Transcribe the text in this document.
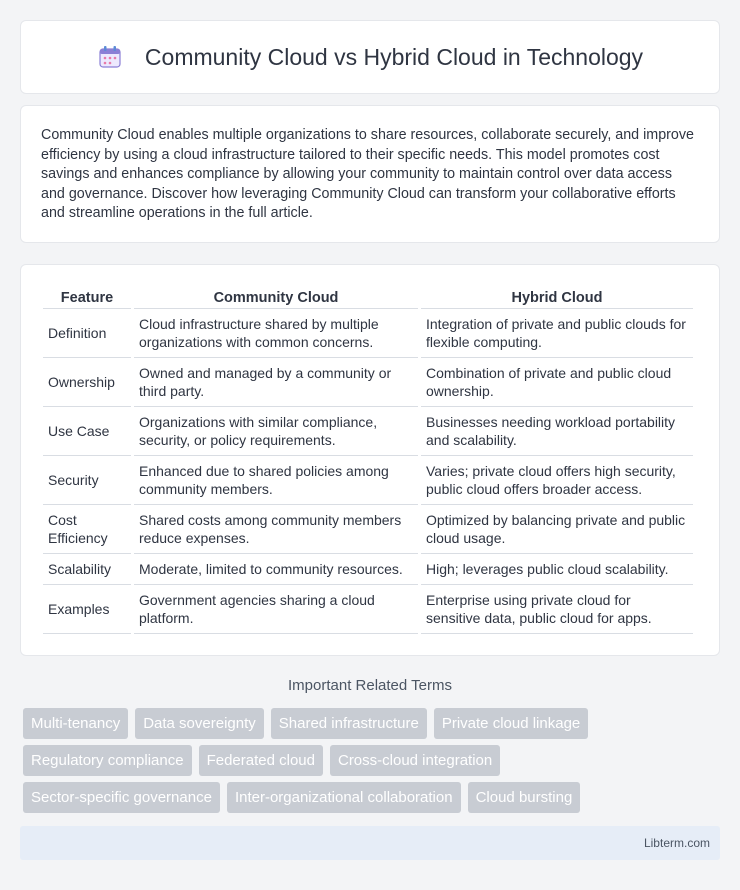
Community Cloud vs Hybrid Cloud in Technology

Community Cloud enables multiple organizations to share resources, collaborate securely, and improve efficiency by using a cloud infrastructure tailored to their specific needs. This model promotes cost savings and enhances compliance by allowing your community to maintain control over data access and governance. Discover how leveraging Community Cloud can transform your collaborative efforts and streamline operations in the full article.

Feature	Community Cloud	Hybrid Cloud
Definition	Cloud infrastructure shared by multiple organizations with common concerns.	Integration of private and public clouds for flexible computing.
Ownership	Owned and managed by a community or third party.	Combination of private and public cloud ownership.
Use Case	Organizations with similar compliance, security, or policy requirements.	Businesses needing workload portability and scalability.
Security	Enhanced due to shared policies among community members.	Varies; private cloud offers high security, public cloud offers broader access.
Cost Efficiency	Shared costs among community members reduce expenses.	Optimized by balancing private and public cloud usage.
Scalability	Moderate, limited to community resources.	High; leverages public cloud scalability.
Examples	Government agencies sharing a cloud platform.	Enterprise using private cloud for sensitive data, public cloud for apps.
Important Related Terms
Multi-tenancy	Data sovereignty	Shared infrastructure	Private cloud linkage
Regulatory compliance	Federated cloud	Cross-cloud integration
Sector-specific governance	Inter-organizational collaboration	Cloud bursting
Libterm.com
